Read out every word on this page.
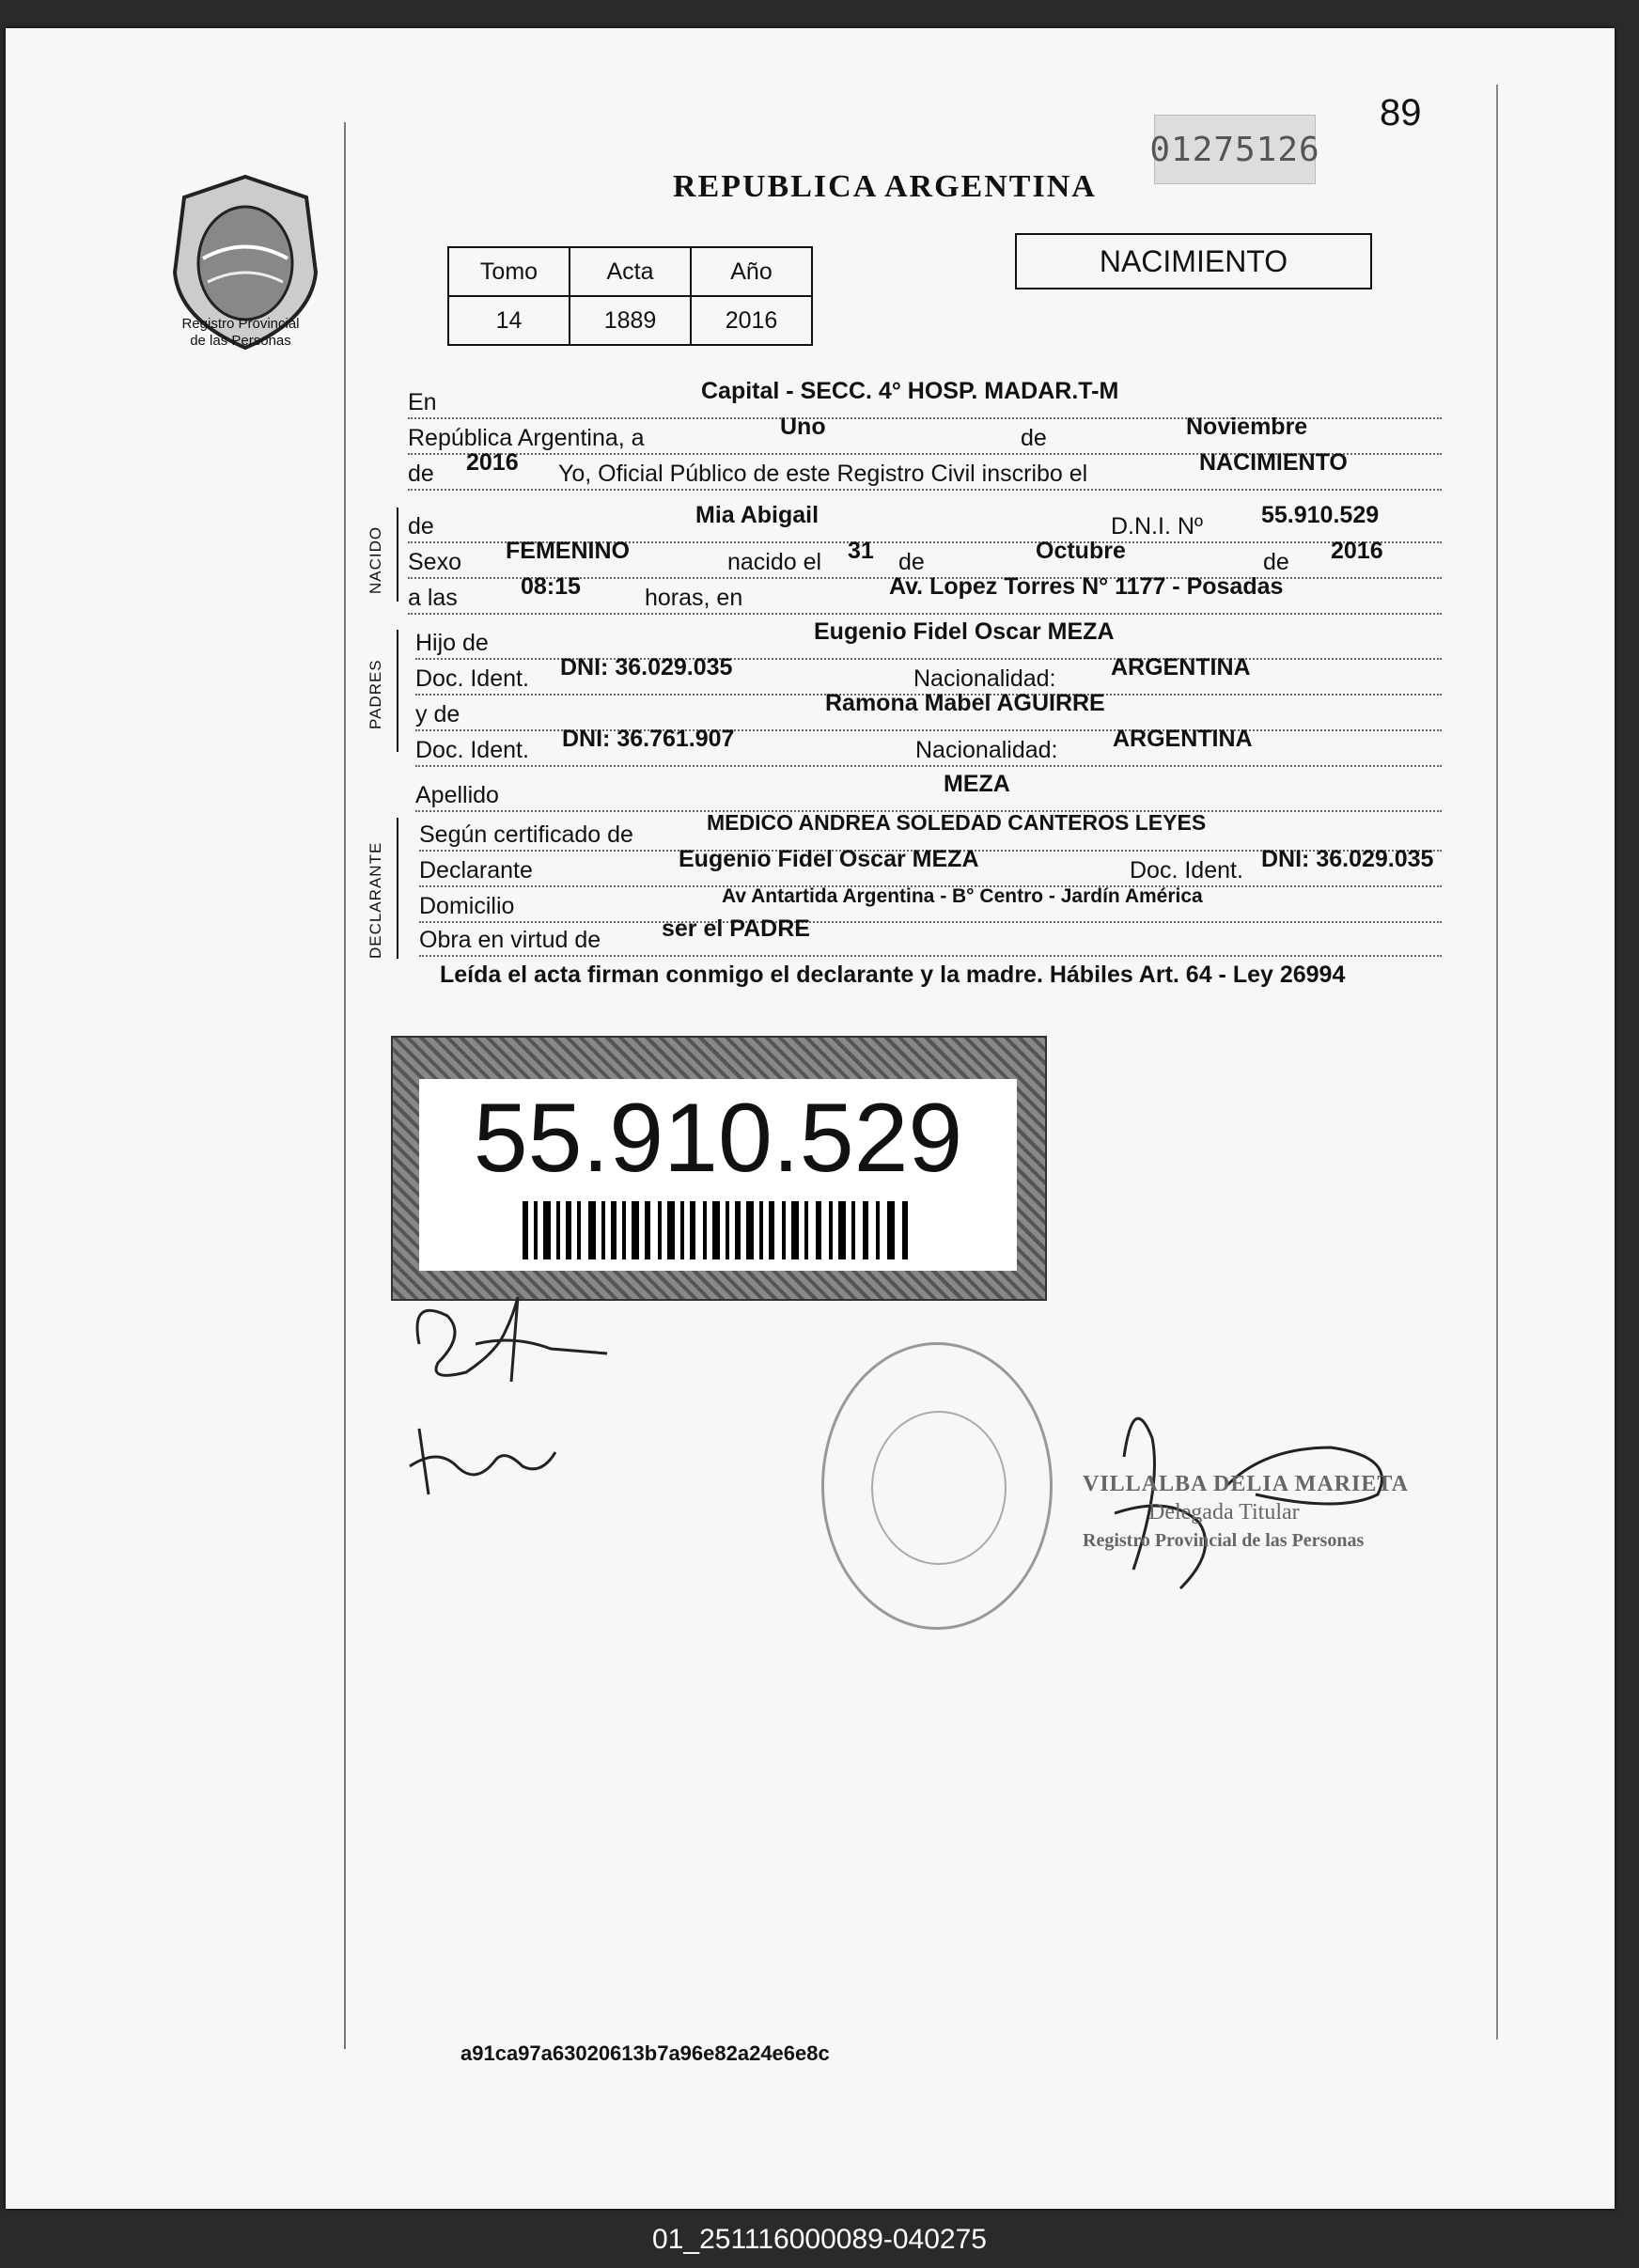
89
01275126
REPUBLICA ARGENTINA
Registro Provincial
de las Personas
Tomo	Acta	Año
14	1889	2016
NACIMIENTO
En	Capital - SECC. 4° HOSP. MADAR.T-M
República Argentina, a	Uno	de	Noviembre
de 2016 Yo, Oficial Público de este Registro Civil inscribo el	NACIMIENTO
NACIDO de	Mia Abigail	D.N.I. Nº 55.910.529
Sexo FEMENINO	nacido el 31 de	Octubre	de 2016
a las	08:15	horas, en	Av. Lopez Torres N° 1177 - Posadas
PADRES
Hijo de	Eugenio Fidel Oscar MEZA
Doc. Ident. DNI: 36.029.035	Nacionalidad: ARGENTINA
y de	Ramona Mabel AGUIRRE
Doc. Ident. DNI: 36.761.907	Nacionalidad: ARGENTINA
Apellido	MEZA
DECLARANTE
Según certificado de	MEDICO ANDREA SOLEDAD CANTEROS LEYES
Declarante	Eugenio Fidel Oscar MEZA	Doc. Ident. DNI: 36.029.035
Domicilio	Av Antartida Argentina - B° Centro - Jardín América
Obra en virtud de	ser el PADRE
Leída el acta firman conmigo el declarante y la madre. Hábiles Art. 64 - Ley 26994
55.910.529
VILLALBA DELIA MARIETA
Delegada Titular
Registro Provincial de las Personas
a91ca97a63020613b7a96e82a24e6e8c
01_251116000089-040275
